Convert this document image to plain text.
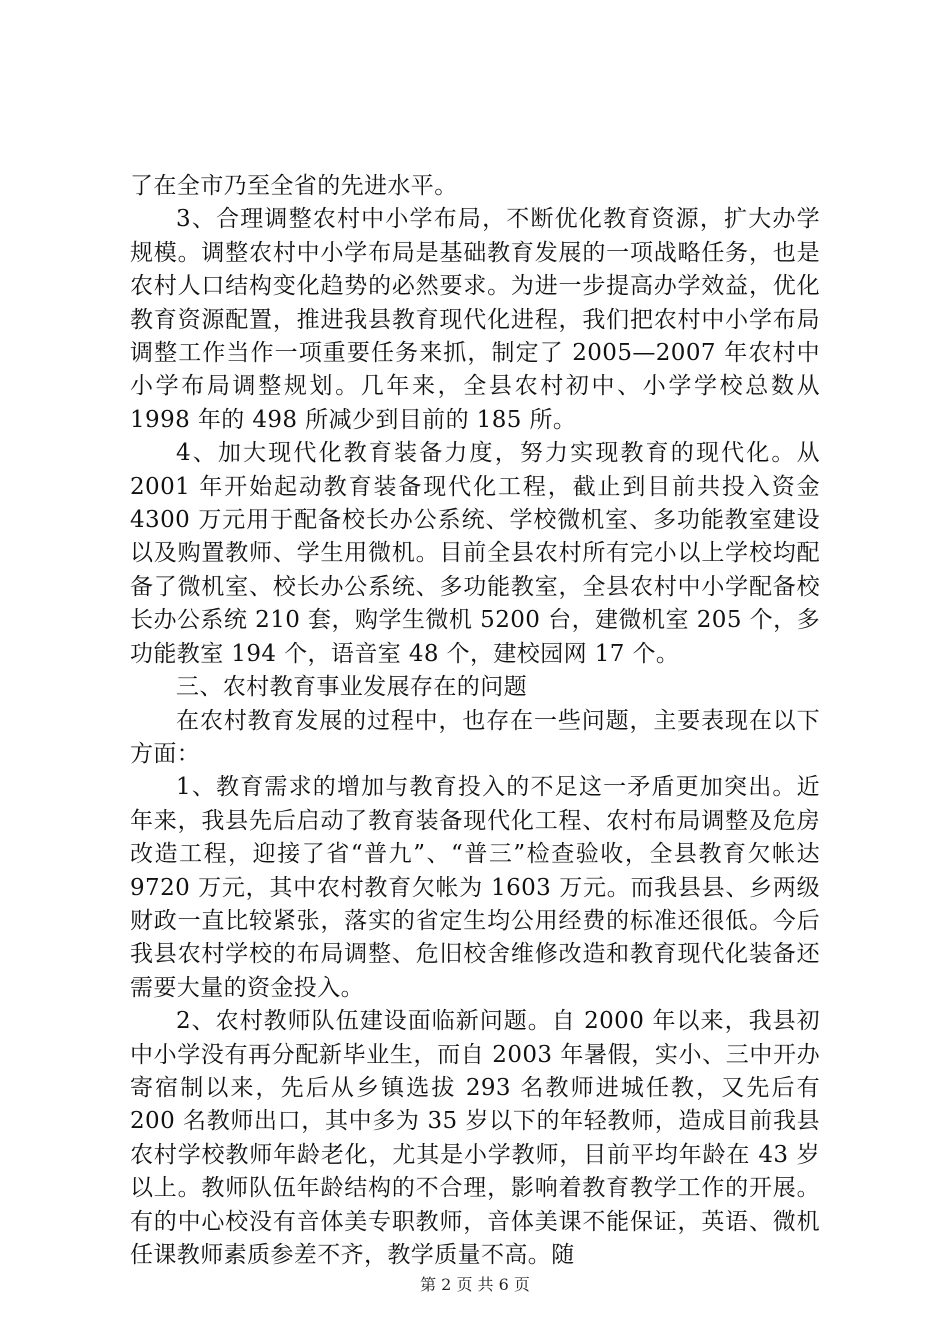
了在全市乃至全省的先进水平。

3、合理调整农村中小学布局，不断优化教育资源，扩大办学规模。调整农村中小学布局是基础教育发展的一项战略任务，也是农村人口结构变化趋势的必然要求。为进一步提高办学效益，优化教育资源配置，推进我县教育现代化进程，我们把农村中小学布局调整工作当作一项重要任务来抓，制定了 2005—2007 年农村中小学布局调整规划。几年来，全县农村初中、小学学校总数从 1998 年的 498 所减少到目前的 185 所。

4、加大现代化教育装备力度，努力实现教育的现代化。从 2001 年开始起动教育装备现代化工程，截止到目前共投入资金 4300 万元用于配备校长办公系统、学校微机室、多功能教室建设以及购置教师、学生用微机。目前全县农村所有完小以上学校均配备了微机室、校长办公系统、多功能教室，全县农村中小学配备校长办公系统 210 套，购学生微机 5200 台，建微机室 205 个，多功能教室 194 个，语音室 48 个，建校园网 17 个。

三、农村教育事业发展存在的问题

在农村教育发展的过程中，也存在一些问题，主要表现在以下方面：

1、教育需求的增加与教育投入的不足这一矛盾更加突出。近年来，我县先后启动了教育装备现代化工程、农村布局调整及危房改造工程，迎接了省“普九”、“普三”检查验收，全县教育欠帐达 9720 万元，其中农村教育欠帐为 1603 万元。而我县县、乡两级财政一直比较紧张，落实的省定生均公用经费的标准还很低。今后我县农村学校的布局调整、危旧校舍维修改造和教育现代化装备还需要大量的资金投入。

2、农村教师队伍建设面临新问题。自 2000 年以来，我县初中小学没有再分配新毕业生，而自 2003 年暑假，实小、三中开办寄宿制以来，先后从乡镇选拔 293 名教师进城任教，又先后有 200 名教师出口，其中多为 35 岁以下的年轻教师，造成目前我县农村学校教师年龄老化，尤其是小学教师，目前平均年龄在 43 岁以上。教师队伍年龄结构的不合理，影响着教育教学工作的开展。有的中心校没有音体美专职教师，音体美课不能保证，英语、微机任课教师素质参差不齐，教学质量不高。随

第 2 页 共 6 页
